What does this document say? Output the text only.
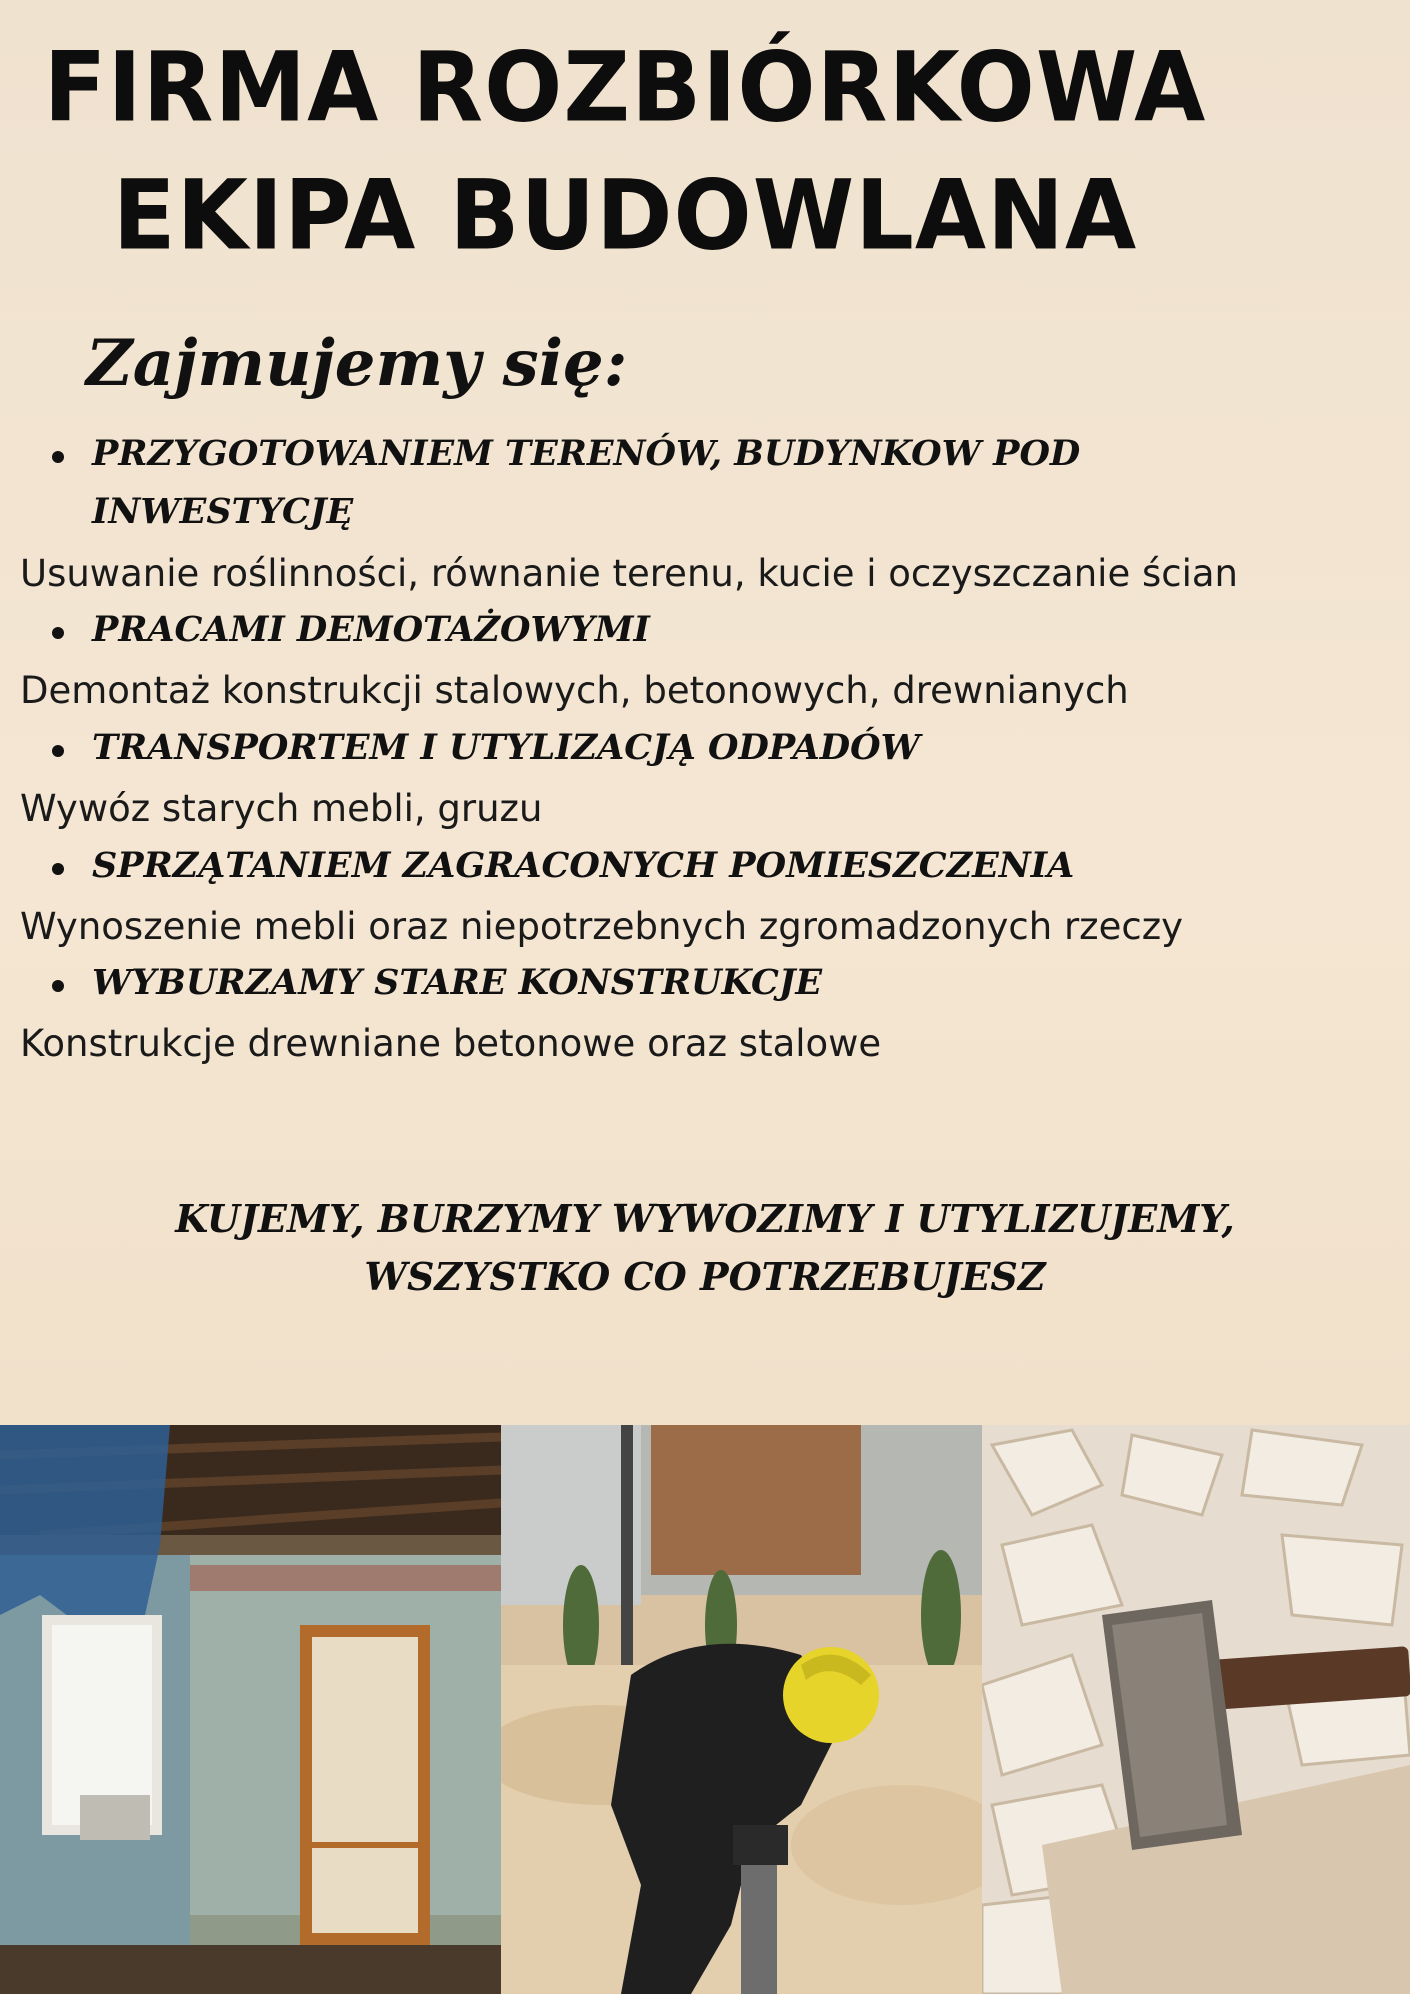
FIRMA ROZBIÓRKOWA
EKIPA BUDOWLANA
Zajmujemy się:
PRZYGOTOWANIEM TERENÓW, BUDYNKOW POD
INWESTYCJĘ
Usuwanie roślinności, równanie terenu, kucie i oczyszczanie ścian
PRACAMI DEMOTAŻOWYMI
Demontaż konstrukcji stalowych, betonowych, drewnianych
TRANSPORTEM I UTYLIZACJĄ ODPADÓW
Wywóz starych mebli, gruzu
SPRZĄTANIEM ZAGRACONYCH POMIESZCZENIA
Wynoszenie mebli oraz niepotrzebnych zgromadzonych rzeczy
WYBURZAMY STARE KONSTRUKCJE
Konstrukcje drewniane betonowe oraz stalowe
KUJEMY, BURZYMY WYWOZIMY I UTYLIZUJEMY,
WSZYSTKO CO POTRZEBUJESZ
